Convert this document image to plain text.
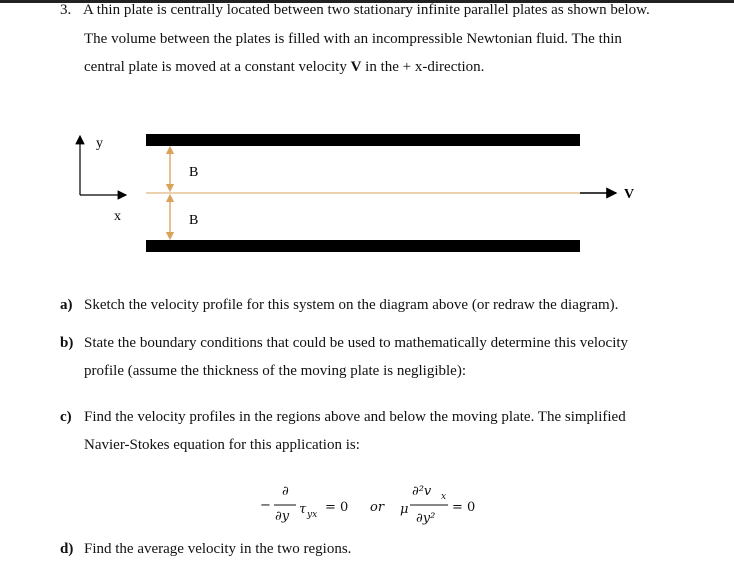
3. A thin plate is centrally located between two stationary infinite parallel plates as shown below.
The volume between the plates is filled with an incompressible Newtonian fluid. The thin
central plate is moved at a constant velocity V in the + x-direction.
y
x
V
B
B
a) Sketch the velocity profile for this system on the diagram above (or redraw the diagram).
b) State the boundary conditions that could be used to mathematically determine this velocity
profile (assume the thickness of the moving plate is negligible):
c) Find the velocity profiles in the regions above and below the moving plate. The simplified
Navier-Stokes equation for this application is:
−
∂
∂y τ yx = 0 or μ
∂²v x
∂y²
= 0
d) Find the average velocity in the two regions.
